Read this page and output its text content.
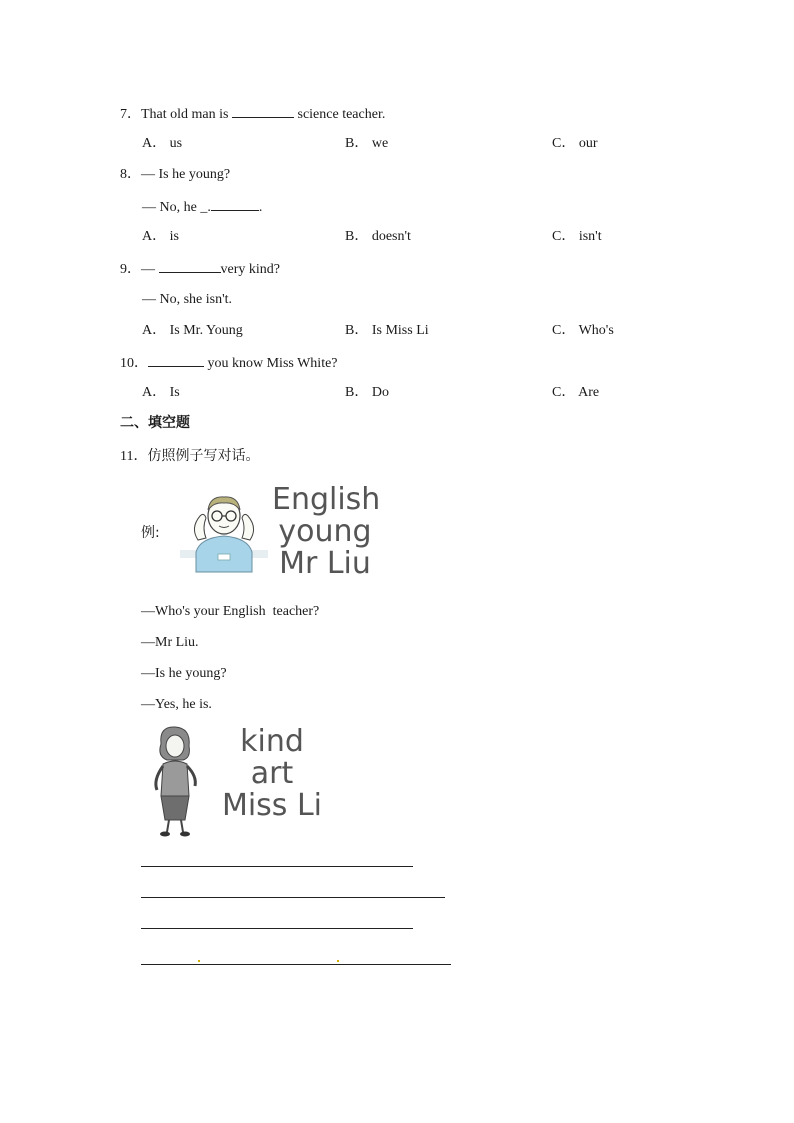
7．That old man is	science teacher.
A． us	B． we	C． our
8．— Is he young?
— No, he _.	.
A． is	B． doesn't	C． isn't
9．—	very kind?
— No, she isn't.
A． Is Mr. Young	B． Is Miss Li	C． Who's
10．	you know Miss White?
A． Is	B． Do	C． Are
二、填空题
11．仿照例子写对话。
例:
English
young
Mr Liu
—Who's your English  teacher?
—Mr Liu.
—Is he young?
—Yes, he is.
kind
art
Miss Li
